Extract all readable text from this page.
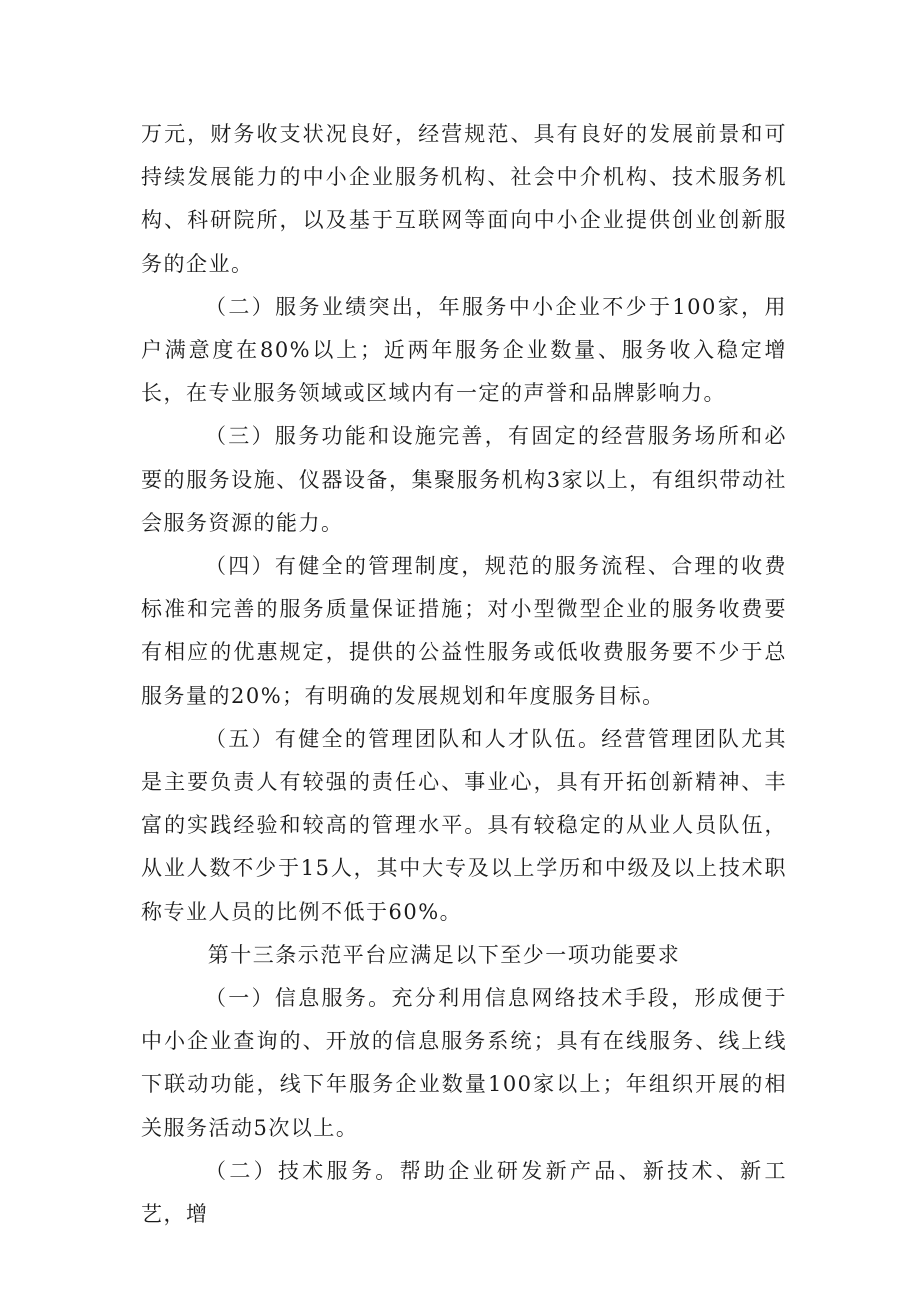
万元，财务收支状况良好，经营规范、具有良好的发展前景和可持续发展能力的中小企业服务机构、社会中介机构、技术服务机构、科研院所，以及基于互联网等面向中小企业提供创业创新服务的企业。

（二）服务业绩突出，年服务中小企业不少于100家，用户满意度在80%以上；近两年服务企业数量、服务收入稳定增长，在专业服务领域或区域内有一定的声誉和品牌影响力。

（三）服务功能和设施完善，有固定的经营服务场所和必要的服务设施、仪器设备，集聚服务机构3家以上，有组织带动社会服务资源的能力。

（四）有健全的管理制度，规范的服务流程、合理的收费标准和完善的服务质量保证措施；对小型微型企业的服务收费要有相应的优惠规定，提供的公益性服务或低收费服务要不少于总服务量的20%；有明确的发展规划和年度服务目标。

（五）有健全的管理团队和人才队伍。经营管理团队尤其是主要负责人有较强的责任心、事业心，具有开拓创新精神、丰富的实践经验和较高的管理水平。具有较稳定的从业人员队伍，从业人数不少于15人，其中大专及以上学历和中级及以上技术职称专业人员的比例不低于60%。

第十三条示范平台应满足以下至少一项功能要求

（一）信息服务。充分利用信息网络技术手段，形成便于中小企业查询的、开放的信息服务系统；具有在线服务、线上线下联动功能，线下年服务企业数量100家以上；年组织开展的相关服务活动5次以上。

（二）技术服务。帮助企业研发新产品、新技术、新工艺，增
